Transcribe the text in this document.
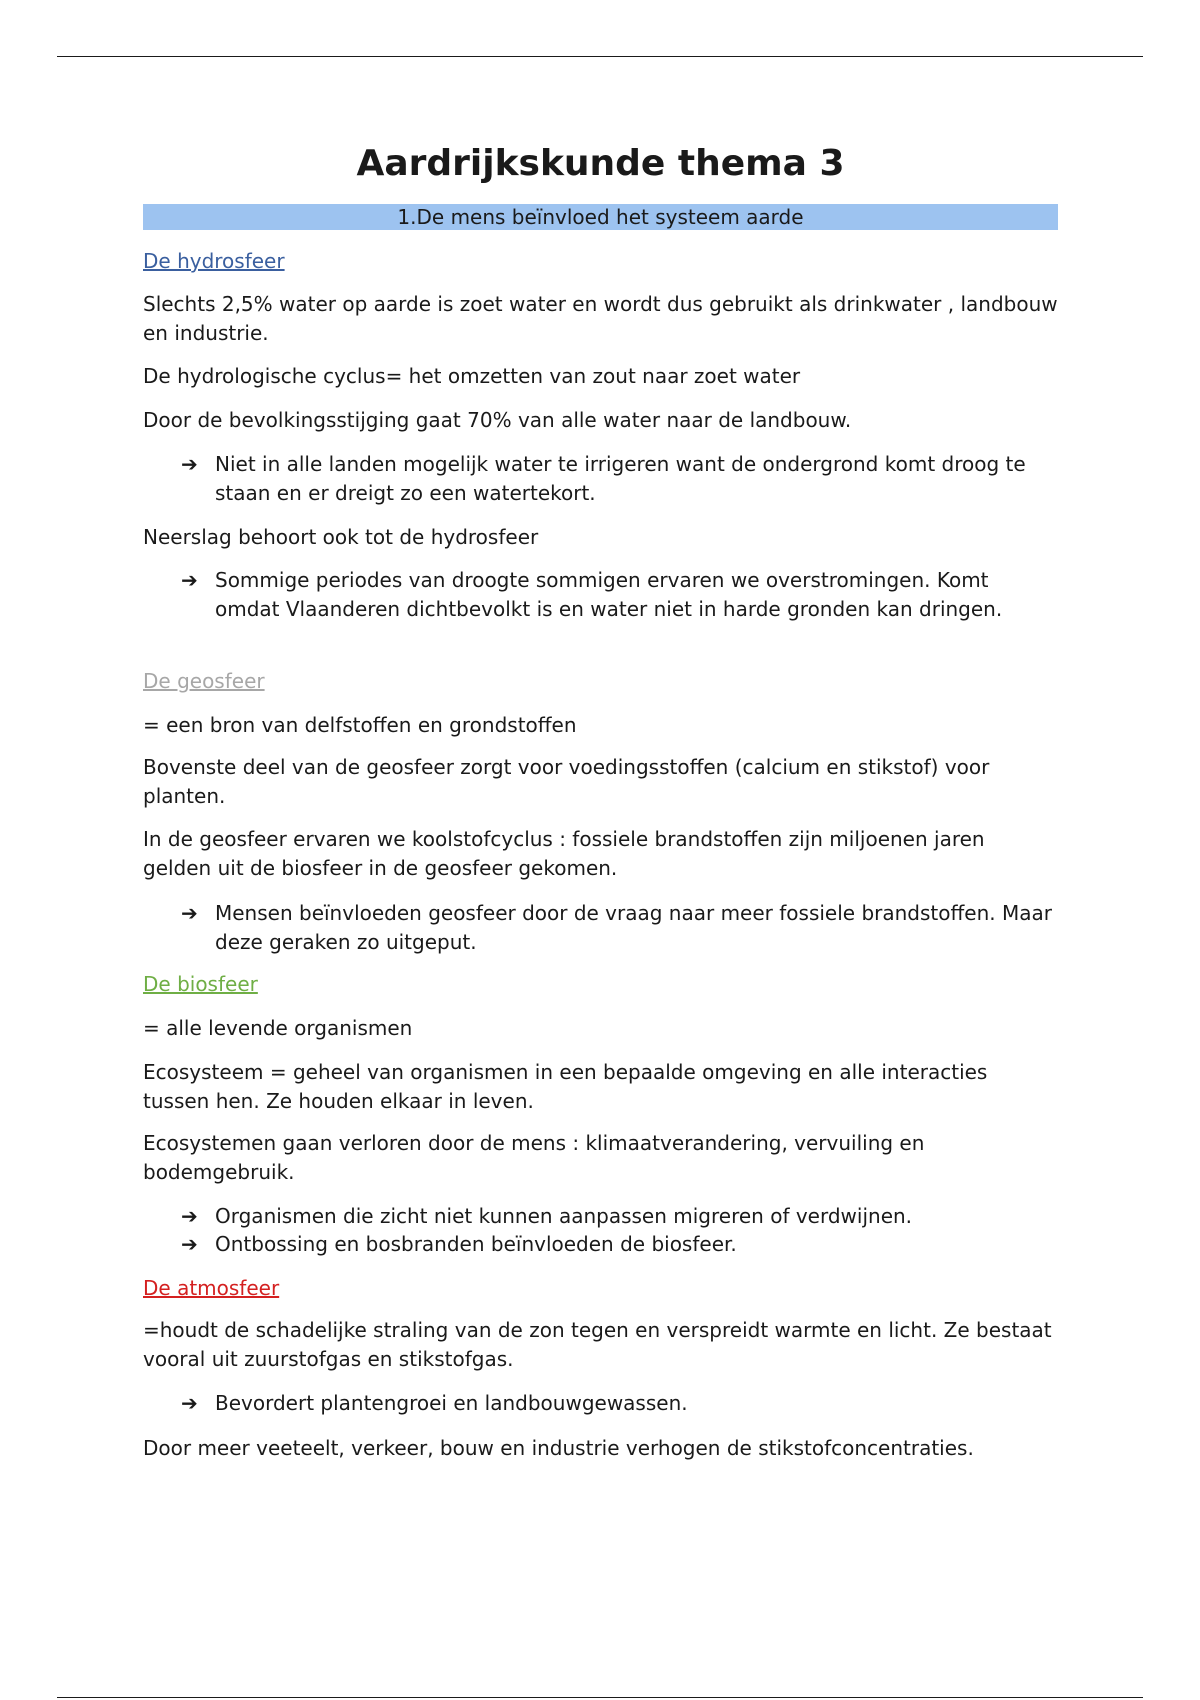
Aardrijkskunde thema 3
1.De mens beïnvloed het systeem aarde

De hydrosfeer

Slechts 2,5% water op aarde is zoet water en wordt dus gebruikt als drinkwater , landbouw en industrie.

De hydrologische cyclus= het omzetten van zout naar zoet water

Door de bevolkingsstijging gaat 70% van alle water naar de landbouw.

➔ Niet in alle landen mogelijk water te irrigeren want de ondergrond komt droog te staan en er dreigt zo een watertekort.

Neerslag behoort ook tot de hydrosfeer

➔ Sommige periodes van droogte sommigen ervaren we overstromingen. Komt omdat Vlaanderen dichtbevolkt is en water niet in harde gronden kan dringen.

De geosfeer

= een bron van delfstoffen en grondstoffen

Bovenste deel van de geosfeer zorgt voor voedingsstoffen (calcium en stikstof) voor planten.

In de geosfeer ervaren we koolstofcyclus : fossiele brandstoffen zijn miljoenen jaren gelden uit de biosfeer in de geosfeer gekomen.

➔ Mensen beïnvloeden geosfeer door de vraag naar meer fossiele brandstoffen. Maar deze geraken zo uitgeput.

De biosfeer

= alle levende organismen

Ecosysteem = geheel van organismen in een bepaalde omgeving en alle interacties tussen hen. Ze houden elkaar in leven.

Ecosystemen gaan verloren door de mens : klimaatverandering, vervuiling en bodemgebruik.

➔ Organismen die zicht niet kunnen aanpassen migreren of verdwijnen.
➔ Ontbossing en bosbranden beïnvloeden de biosfeer.

De atmosfeer

=houdt de schadelijke straling van de zon tegen en verspreidt warmte en licht. Ze bestaat vooral uit zuurstofgas en stikstofgas.

➔ Bevordert plantengroei en landbouwgewassen.

Door meer veeteelt, verkeer, bouw en industrie verhogen de stikstofconcentraties.
